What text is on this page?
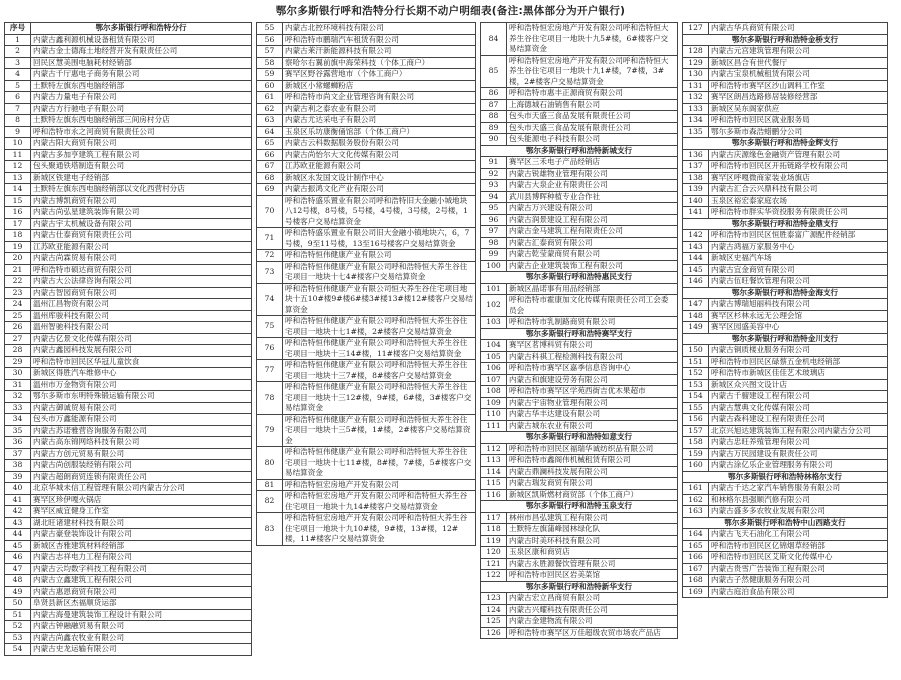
鄂尔多斯银行呼和浩特分行长期不动户明细表(备注:黑体部分为开户银行)
序号	鄂尔多斯银行呼和浩特分行
1	内蒙古鑫利源机械设备租赁有限公司
2	内蒙古金士德海土地经营开发有限责任公司
3	回民区慧美围电脑耗材经销部
4	内蒙古千厅惠电子商务有限公司
5	土默特左旗东西电脑经销部
6	内蒙古力量电子有限公司
7	内蒙古方行驰电子有限公司
8	土默特左旗东西电脑经销部三间房村分店
9	呼和浩特市永之河商贸有限责任公司
10	内蒙古阳大商贸有限公司
11	内蒙古多加亨建筑工程有限公司
12	包头聚通铁塔制造有限公司
13	新城区铁建电子经销部
14	土默特左旗东西电脑经销部以文化西营村分店
15	内蒙古博凯商贸有限公司
16	内蒙古尚弘星建筑装饰有限公司
17	内蒙古宇太机械设备有限公司
18	内蒙古仕泰商贸有限责任公司
19	江苏欧亚能源有限公司
20	内蒙古尚霖贸易有限公司
21	呼和浩特市硕达商贸有限公司
22	内蒙古大公法律咨询有限公司
23	内蒙古智园商贸有限公司
24	温州江昌物资有限公司
25	温州库骏科技有限公司
26	温州智驰科技有限公司
27	内蒙古亿景文化传媒有限公司
28	内蒙古鑫园科技发展有限公司
29	呼和浩特市回民区华冠儿童饮食
30	新城区得胜汽车维修中心
31	温州市万金物资有限公司
32	鄂尔多斯市东明特殊锻运输有限公司
33	内蒙古御诚贸易有限公司
34	包头市万鑫能源有限公司
35	内蒙古苏诺雅营咨询服务有限公司
36	内蒙古高东锦网络科技有限公司
37	内蒙古方创元贸易有限公司
38	内蒙古尚创服装经销有限公司
39	内蒙古超朗商贸连锁有限责任公司
40	北京华城未信工程管理有限公司内蒙古分公司
41	赛罕区珍伊嘎火锅店
42	赛罕区威宜健身工作室
43	湖北旺诸建材科技有限公司
44	内蒙古豪登装饰设计有限公司
45	新城区杏雅建筑材料经销部
46	内蒙古志祥电力工程有限公司
47	内蒙古云均数字科技工程有限公司
48	内蒙古立鑫建筑工程有限公司
49	内蒙古惠恩商贸有限公司
50	阜贤县新区杰福顺货运部
51	内蒙古海曼建筑装饰工程设计有限公司
52	内蒙古钟融融贸易有限公司
53	内蒙古尚鑫农牧业有限公司
54	内蒙古史龙运输有限公司
55	内蒙古北控环境科技有限公司
56	呼和浩特市鹏瑞汽车租赁有限公司
57	内蒙古莱汗新能源科技有限公司
58	察哈尔右翼前旗中海荣科技（个体工商户）
59	赛罕区野谷露营地市（个体工商户）
60	新城区小常螺蛳粉店
61	呼和浩特市尚文企业管理咨询有限公司
62	内蒙古利之泰农业有限公司
63	内蒙古尤达采电子有限公司
64	玉泉区乐坊康衡俑馆部（个体工商户）
65	内蒙古云科数据服务股份有限公司
66	内蒙古尚怡尔大文化传媒有限公司
67	江苏欧亚能源有限公司
68	新城区永发国文设计制作中心
69	内蒙古振鸿文化产业有限公司
70	呼和浩特盛乐置业有限公司呼和浩特旧大金融小城地块八12号楼，8号楼，5号楼，4号楼，3号楼，2号楼，1号楼客户交易结算资金
71	呼和浩特盛乐置业有限公司旧大金融小镇地块六，6，7号楼，9至11号楼，13至16号楼客户交易结算资金
72	呼和浩特恒伟健康产业有限公司
73	呼和浩特恒伟健康产业有限公司呼和浩特恒大养生谷住宅项目一地块十七4#楼客户交易结算资金
74	呼和浩特恒伟健康产业有限公司恒大养生谷住宅项目地块十五10#楼9#楼6#楼3#楼13#楼12#楼客户交易结算资金
75	呼和浩特恒伟健康产业有限公司呼和浩特恒大养生谷住宅项目一地块十七1#楼，2#楼客户交易结算资金
76	呼和浩特恒伟健康产业有限公司呼和浩特恒大养生谷住宅项目一地块十三14#楼，11#楼客户交易结算资金
77	呼和浩特恒伟健康产业有限公司呼和浩特恒大养生谷住宅项目一地块十三7#楼，8#楼客户交易结算资金
78	呼和浩特恒伟健康产业有限公司呼和浩特恒大养生谷住宅项目一地块十三12#楼，9#楼，6#楼，3#楼客户交易结算资金
79	呼和浩特恒伟健康产业有限公司呼和浩特恒大养生谷住宅项目一地块十三5#楼，1#楼，2#楼客户交易结算资金
80	呼和浩特恒伟健康产业有限公司呼和浩特恒大养生谷住宅项目一地块十七11#楼，8#楼，7#楼，5#楼客户交易结算资金
81	呼和浩特恒宏房地产开发有限公司
82	呼和浩特恒宏房地产开发有限公司呼和浩特恒大养生谷住宅项目一地块十九14#楼客户交易结算资金
83	呼和浩特恒宏房地产开发有限公司呼和浩特恒大养生谷住宅项目一地块十九10#楼，9#楼，13#楼，12#楼，11#楼客户交易结算资金
84	呼和浩特恒宏房地产开发有限公司呼和浩特恒大养生谷住宅项目一地块十九5#楼，6#楼客户交易结算资金
85	呼和浩特恒宏房地产开发有限公司呼和浩特恒大养生谷住宅项目一地块十九1#楼，7#楼，3#楼，2#楼客户交易结算资金
86	呼和浩特市惠丰正源商贸有限公司
87	上海德城石油销售有限公司
88	包头市天盛三食品发展有限责任公司
89	包头市天盛三食品发展有限责任公司
90	包头能源电子科技有限公司
鄂尔多斯银行呼和浩特新城支行	
91	赛罕区三禾电子产品经销店
92	内蒙古锐雄物业管理有限公司
93	内蒙古大泉企业有限责任公司
94	武川县博晖种植专业合作社
95	内蒙古万兴建设有限公司
96	内蒙古润景建设工程有限公司
97	内蒙古金马建筑工程有限责任公司
98	内蒙古汇泰商贸有限公司
99	内蒙古乾莹蒙商贸有限公司
100	内蒙古企业建筑装饰工程有限公司
鄂尔多斯银行呼和浩特惠民支行	
101	新城区晶诺事有用品经销部
102	呼和浩特市霍康加文化传媒有限责任公司工会委员会
103	呼和浩特市乳制路商贸有限公司
鄂尔多斯银行呼和浩特赛罕支行	
104	赛罕区茗博科贸有限公司
105	内蒙古科祺工程检测科技有限公司
106	呼和浩特市赛罕区嘉季信息咨询中心
107	内蒙古和旗建设劳务有限公司
108	呼和浩特市赛罕区学苑西街吉优木果超市
109	内蒙古宇宙物业管理有限公司
110	内蒙古华丰达建设有限公司
111	内蒙古城东农业有限公司
鄂尔多斯银行呼和浩特如意支行	
112	呼和浩特市回民区福瑞华诚纺织品有限公司
113	呼和浩特市鑫阁伟机械租赁有限公司
114	内蒙古鼎澜科技发展有限公司
115	内蒙古瑞发商贸有限公司
116	新城区凯斯燃材商贸部（个体工商户）
鄂尔多斯银行呼和浩特玉泉支行	
117	林州市昌弘建筑工程有限公司
118	土默特左旗蒲峰园林绿化队
119	内蒙古时美环科技有限公司
120	玉泉区康和商贸店
121	内蒙古永胜源餐饮管理有限公司
122	呼和浩特市回民区岩美菜馆
鄂尔多斯银行呼和浩特新华支行	
123	内蒙古宏立昌商贸有限公司
124	内蒙古兴耀科技有限责任公司
125	内蒙古金建物流有限公司
126	呼和浩特市赛罕区万佳超级农贸市场农产品店
127	内蒙古华兵商贸有限公司
鄂尔多斯银行呼和浩特金桥支行	
128	内蒙古元宫建筑管理有限公司
129	新城区昌合有世代餐厅
130	内蒙古宝泉机械租赁有限公司
131	呼和浩特市赛罕区沙山调料工作室
132	赛罕区朗昌选路修居装修经营部
133	新城区吴东阁家供应
134	呼和浩特市回民区就业服务局
135	鄂尔多斯市森浩蜡鹏分公司
鄂尔多斯银行呼和浩特金辉支行	
136	内蒙古庆源缘色金融资产管理有限公司
137	呼和浩特市回民区开拓链路学校有限公司
138	赛罕区呼嘎微商家装业场旗店
139	内蒙古汇合云兴鼎科技有限公司
140	玉泉区裕宏泰家庭农场
141	呼和浩特市胖实华资投服务有限责任公司
鄂尔多斯银行呼和浩特金鼎支行	
142	呼和浩特市回民区恒胜泰富广源配件经销部
143	内蒙古鸿福万家服务中心
144	新城区史福汽车场
145	内蒙古宜金商贸有限公司
146	内蒙古伍旺餐饮管理有限公司
鄂尔多斯银行呼和浩特金海支行	
147	内蒙古博瑞旭丽科技有限公司
148	赛罕区杉林永远无公理会馆
149	赛罕区园盛美容中心
鄂尔多斯银行呼和浩特金川支行	
150	内蒙古铜质楼业服务有限公司
151	呼和浩特市回民区碌蔡五金机电经销部
152	呼和浩特市新城区佳佳艺术玻璃店
153	新城区众兴图文设计店
154	内蒙古千骝建设工程有限公司
155	内蒙古慧典文化传媒有限公司
156	内蒙古森科建设工程有限责任公司
157	北京兴旭达建筑装饰工程有限公司内蒙古分公司
158	内蒙古忠旺养殖管理有限公司
159	内蒙古万民园建设有限责任公司
160	内蒙古涂亿乐企业管理服务有限公司
鄂尔多斯银行呼和浩特林格尔支行	
161	内蒙古千达之家汽车销售服务有限公司
162	和林格尔县强顺汽修有限公司
163	内蒙古盛多多农牧业发展有限公司
鄂尔多斯银行呼和浩特中山西路支行	
164	内蒙古飞天石油化工有限公司
165	呼和浩特市回民区亿锦烟草经销部
166	呼和浩特市回民区艾斯文化传媒中心
167	内蒙古贵雪广告装饰工程有限公司
168	内蒙古子然健康服务有限公司
169	内蒙古庭泊食品有限公司
